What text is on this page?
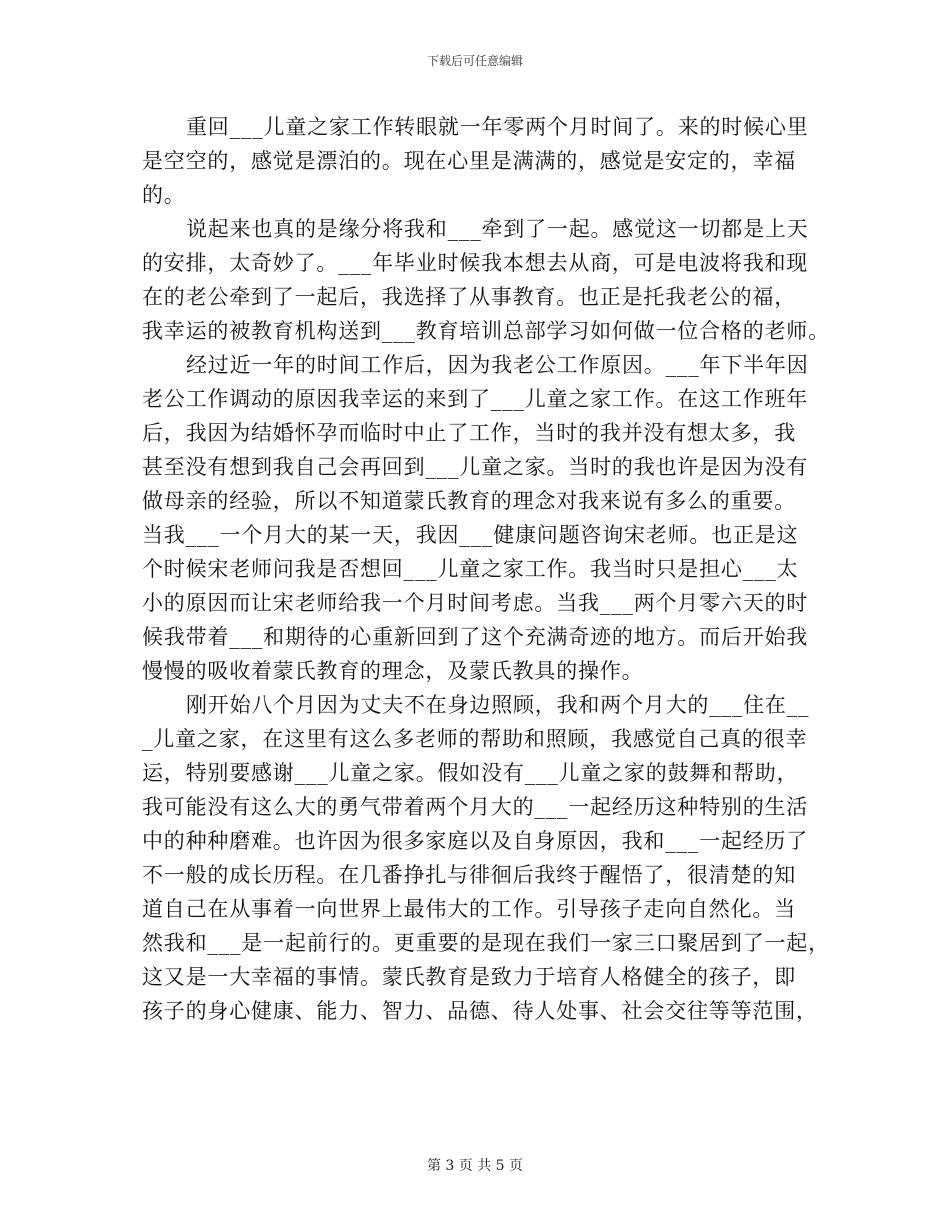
下载后可任意编辑
重回___儿童之家工作转眼就一年零两个月时间了。来的时候心里
是空空的，感觉是漂泊的。现在心里是满满的，感觉是安定的，幸福
的。
说起来也真的是缘分将我和___牵到了一起。感觉这一切都是上天
的安排，太奇妙了。___年毕业时候我本想去从商，可是电波将我和现
在的老公牵到了一起后，我选择了从事教育。也正是托我老公的福，
我幸运的被教育机构送到___教育培训总部学习如何做一位合格的老师。
经过近一年的时间工作后，因为我老公工作原因。___年下半年因
老公工作调动的原因我幸运的来到了___儿童之家工作。在这工作班年
后，我因为结婚怀孕而临时中止了工作，当时的我并没有想太多，我
甚至没有想到我自己会再回到___儿童之家。当时的我也许是因为没有
做母亲的经验，所以不知道蒙氏教育的理念对我来说有多么的重要。
当我___一个月大的某一天，我因___健康问题咨询宋老师。也正是这
个时候宋老师问我是否想回___儿童之家工作。我当时只是担心___太
小的原因而让宋老师给我一个月时间考虑。当我___两个月零六天的时
候我带着___和期待的心重新回到了这个充满奇迹的地方。而后开始我
慢慢的吸收着蒙氏教育的理念，及蒙氏教具的操作。
刚开始八个月因为丈夫不在身边照顾，我和两个月大的___住在__
_儿童之家，在这里有这么多老师的帮助和照顾，我感觉自己真的很幸
运，特别要感谢___儿童之家。假如没有___儿童之家的鼓舞和帮助，
我可能没有这么大的勇气带着两个月大的___一起经历这种特别的生活
中的种种磨难。也许因为很多家庭以及自身原因，我和___一起经历了
不一般的成长历程。在几番挣扎与徘徊后我终于醒悟了，很清楚的知
道自己在从事着一向世界上最伟大的工作。引导孩子走向自然化。当
然我和___是一起前行的。更重要的是现在我们一家三口聚居到了一起，
这又是一大幸福的事情。蒙氏教育是致力于培育人格健全的孩子，即
孩子的身心健康、能力、智力、品德、待人处事、社会交往等等范围，
第 3 页 共 5 页
